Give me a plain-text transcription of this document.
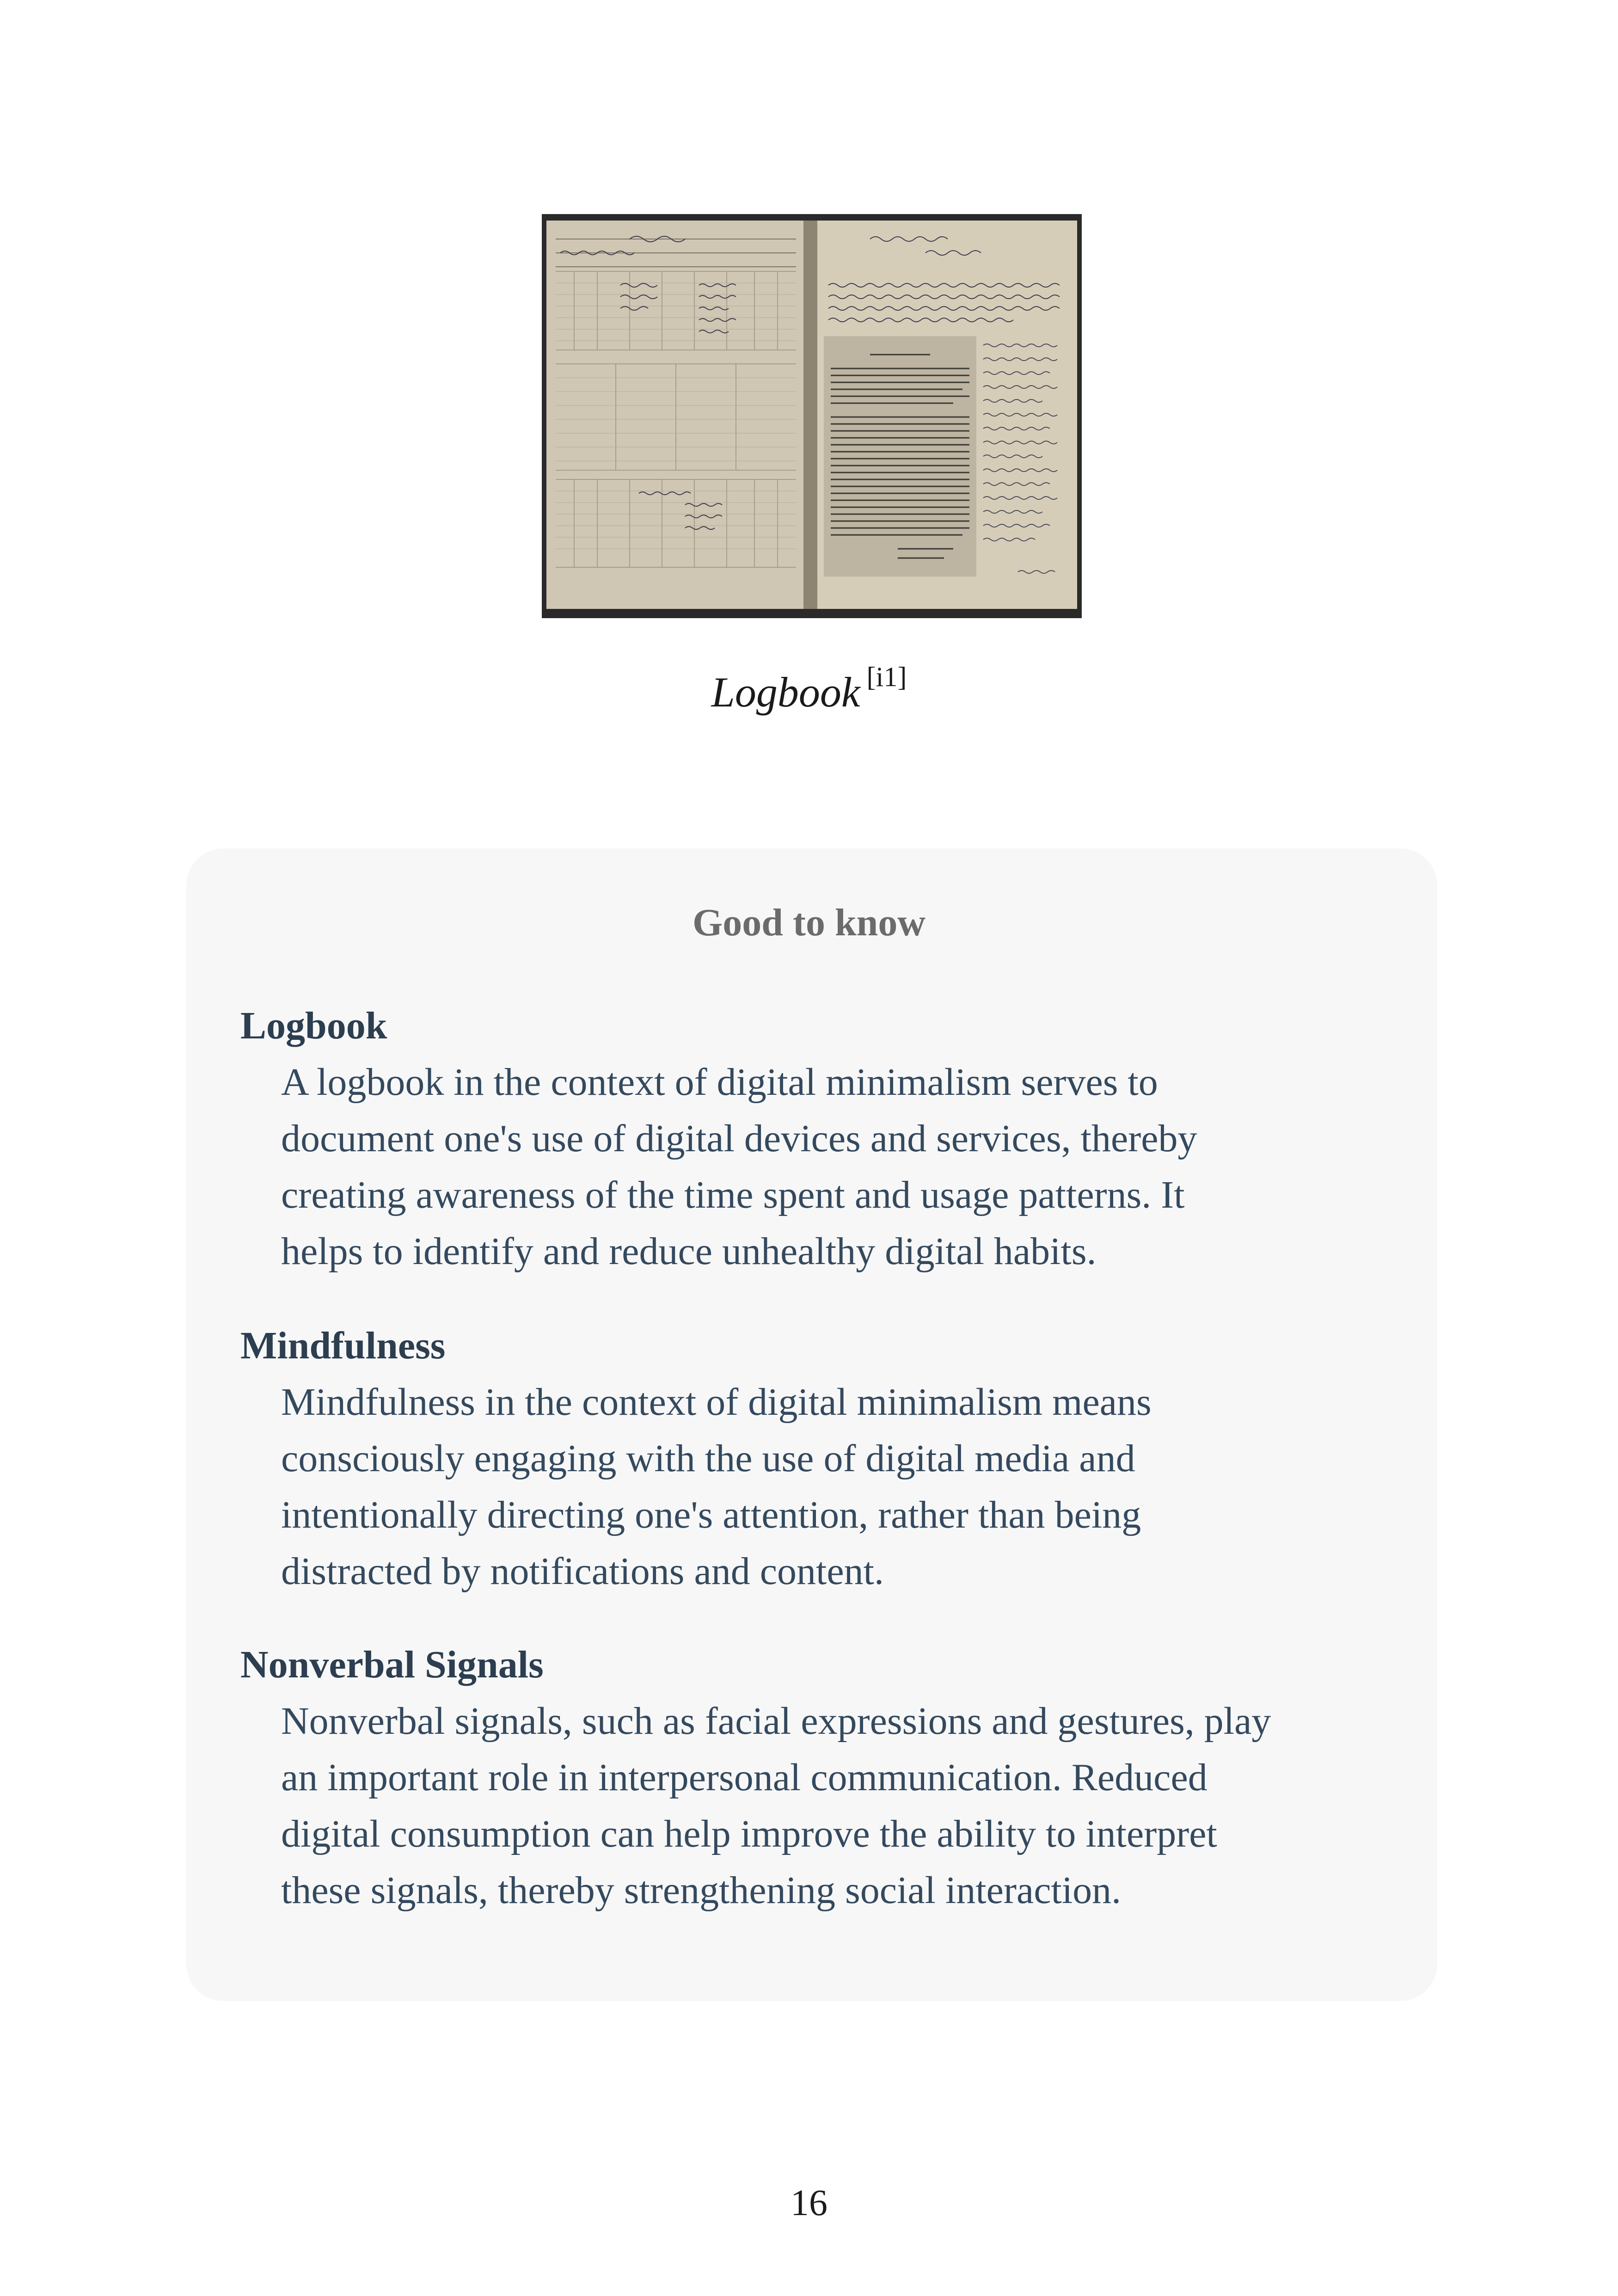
Logbook [i1]
Good to know
Logbook
A logbook in the context of digital minimalism serves to
document one's use of digital devices and services, thereby
creating awareness of the time spent and usage patterns. It
helps to identify and reduce unhealthy digital habits.
Mindfulness
Mindfulness in the context of digital minimalism means
consciously engaging with the use of digital media and
intentionally directing one's attention, rather than being
distracted by notifications and content.
Nonverbal Signals
Nonverbal signals, such as facial expressions and gestures, play
an important role in interpersonal communication. Reduced
digital consumption can help improve the ability to interpret
these signals, thereby strengthening social interaction.
16
